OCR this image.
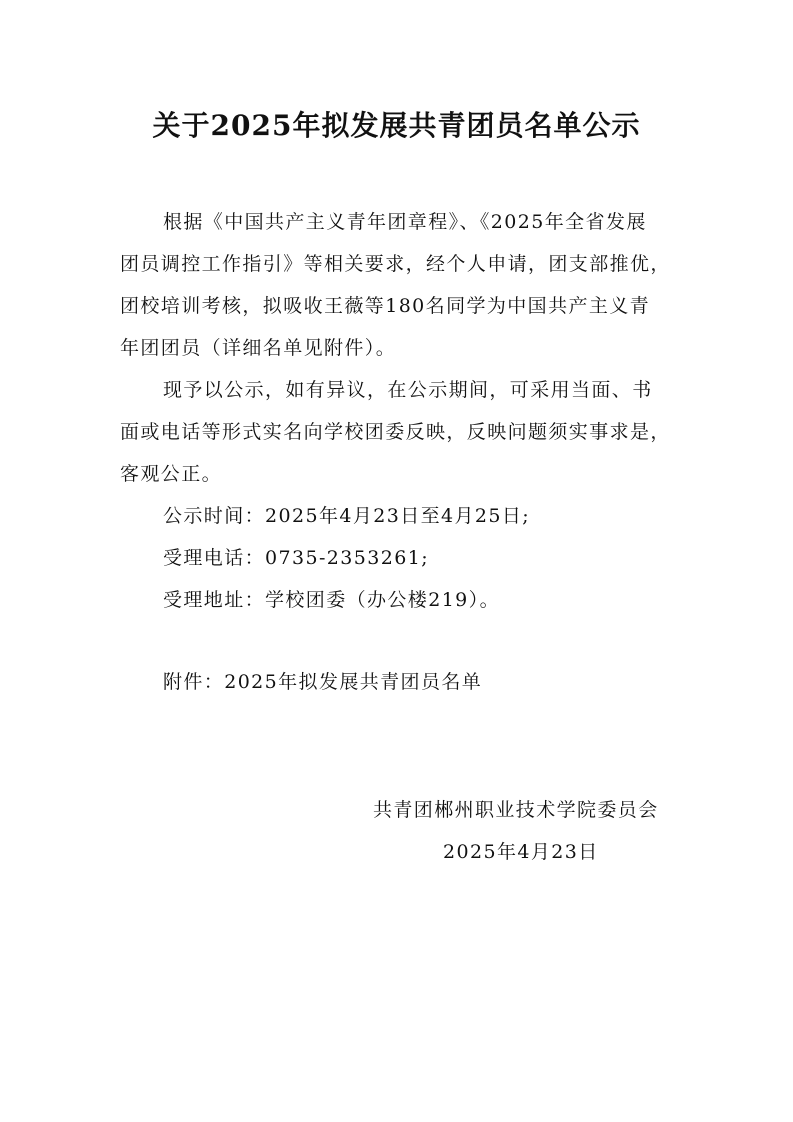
关于2025年拟发展共青团员名单公示
根据《中国共产主义青年团章程》、《2025年全省发展
团员调控工作指引》等相关要求，经个人申请，团支部推优，
团校培训考核，拟吸收王薇等180名同学为中国共产主义青
年团团员（详细名单见附件）。
现予以公示，如有异议，在公示期间，可采用当面、书
面或电话等形式实名向学校团委反映，反映问题须实事求是，
客观公正。
公示时间：2025年4月23日至4月25日;
受理电话：0735-2353261;
受理地址：学校团委（办公楼219）。
附件：2025年拟发展共青团员名单
共青团郴州职业技术学院委员会
2025年4月23日
